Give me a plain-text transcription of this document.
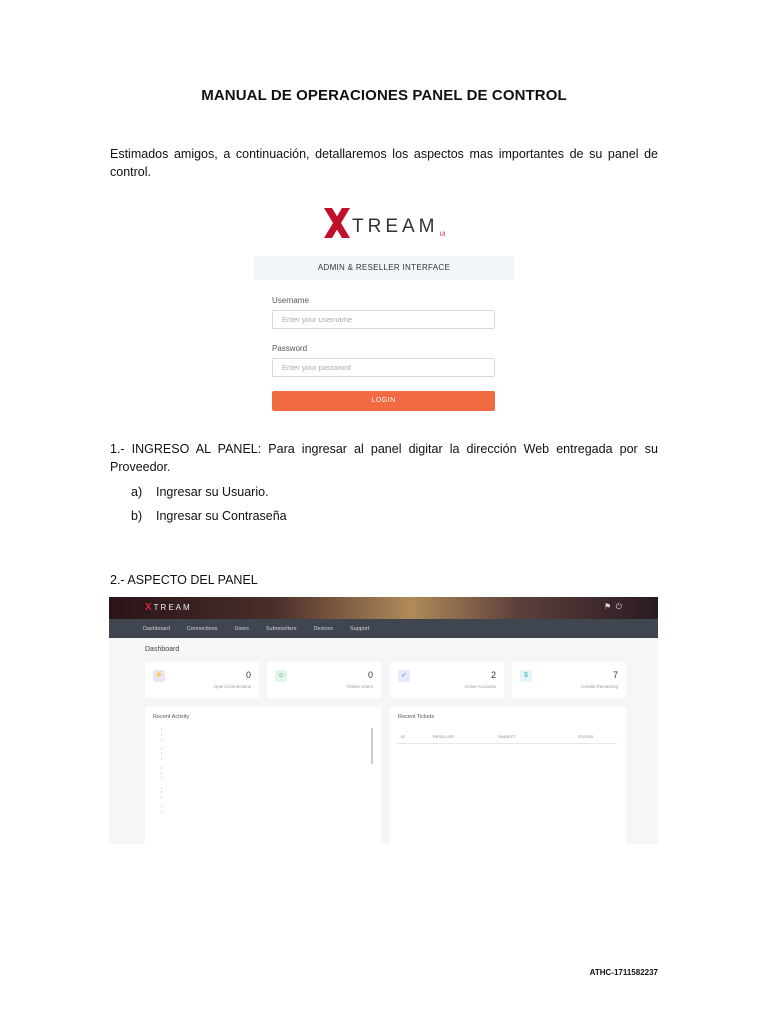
MANUAL DE OPERACIONES PANEL DE CONTROL

Estimados amigos, a continuación, detallaremos los aspectos mas importantes de su panel de control.

TREAM UI
ADMIN & RESELLER INTERFACE
Username
Enter your username
Password
Enter your password
LOGIN

1.- INGRESO AL PANEL: Para ingresar al panel digitar la dirección Web entregada por su Proveedor.

a) Ingresar su Usuario.
b) Ingresar su Contraseña

2.- ASPECTO DEL PANEL

XTREAM	⚑ ⏻
Dashboard	Connections	Users	Subresellers	Devices	Support
Dashboard
⚡	0
Open Connections
☺	0
Online Users
✓	2
Active Accounts
$	7
Credits Remaining
Recent Activity
▪
▪
▪

▪
▪
▪

▪
▪
▪

▪
▪
▪

▪
▪
Recent Tickets
ID	RESELLER	SUBJECT	STATUS
ATHC-1711582237
